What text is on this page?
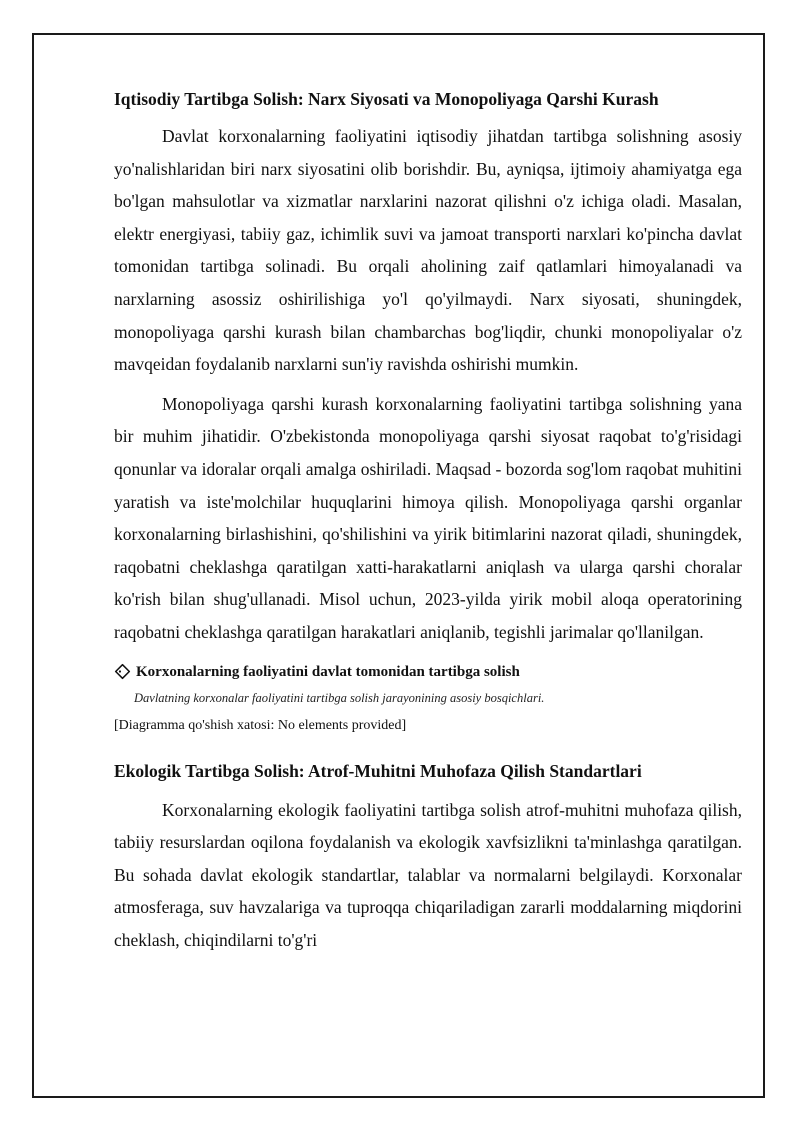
Iqtisodiy Tartibga Solish: Narx Siyosati va Monopoliyaga Qarshi Kurash

Davlat korxonalarning faoliyatini iqtisodiy jihatdan tartibga solishning asosiy yo'nalishlaridan biri narx siyosatini olib borishdir. Bu, ayniqsa, ijtimoiy ahamiyatga ega bo'lgan mahsulotlar va xizmatlar narxlarini nazorat qilishni o'z ichiga oladi. Masalan, elektr energiyasi, tabiiy gaz, ichimlik suvi va jamoat transporti narxlari ko'pincha davlat tomonidan tartibga solinadi. Bu orqali aholining zaif qatlamlari himoyalanadi va narxlarning asossiz oshirilishiga yo'l qo'yilmaydi. Narx siyosati, shuningdek, monopoliyaga qarshi kurash bilan chambarchas bog'liqdir, chunki monopoliyalar o'z mavqeidan foydalanib narxlarni sun'iy ravishda oshirishi mumkin.

Monopoliyaga qarshi kurash korxonalarning faoliyatini tartibga solishning yana bir muhim jihatidir. O'zbekistonda monopoliyaga qarshi siyosat raqobat to'g'risidagi qonunlar va idoralar orqali amalga oshiriladi. Maqsad - bozorda sog'lom raqobat muhitini yaratish va iste'molchilar huquqlarini himoya qilish. Monopoliyaga qarshi organlar korxonalarning birlashishini, qo'shilishini va yirik bitimlarini nazorat qiladi, shuningdek, raqobatni cheklashga qaratilgan xatti-harakatlarni aniqlash va ularga qarshi choralar ko'rish bilan shug'ullanadi. Misol uchun, 2023-yilda yirik mobil aloqa operatorining raqobatni cheklashga qaratilgan harakatlari aniqlanib, tegishli jarimalar qo'llanilgan.

Korxonalarning faoliyatini davlat tomonidan tartibga solish
Davlatning korxonalar faoliyatini tartibga solish jarayonining asosiy bosqichlari.
[Diagramma qo'shish xatosi: No elements provided]
Ekologik Tartibga Solish: Atrof-Muhitni Muhofaza Qilish Standartlari

Korxonalarning ekologik faoliyatini tartibga solish atrof-muhitni muhofaza qilish, tabiiy resurslardan oqilona foydalanish va ekologik xavfsizlikni ta'minlashga qaratilgan. Bu sohada davlat ekologik standartlar, talablar va normalarni belgilaydi. Korxonalar atmosferaga, suv havzalariga va tuproqqa chiqariladigan zararli moddalarning miqdorini cheklash, chiqindilarni to'g'ri
